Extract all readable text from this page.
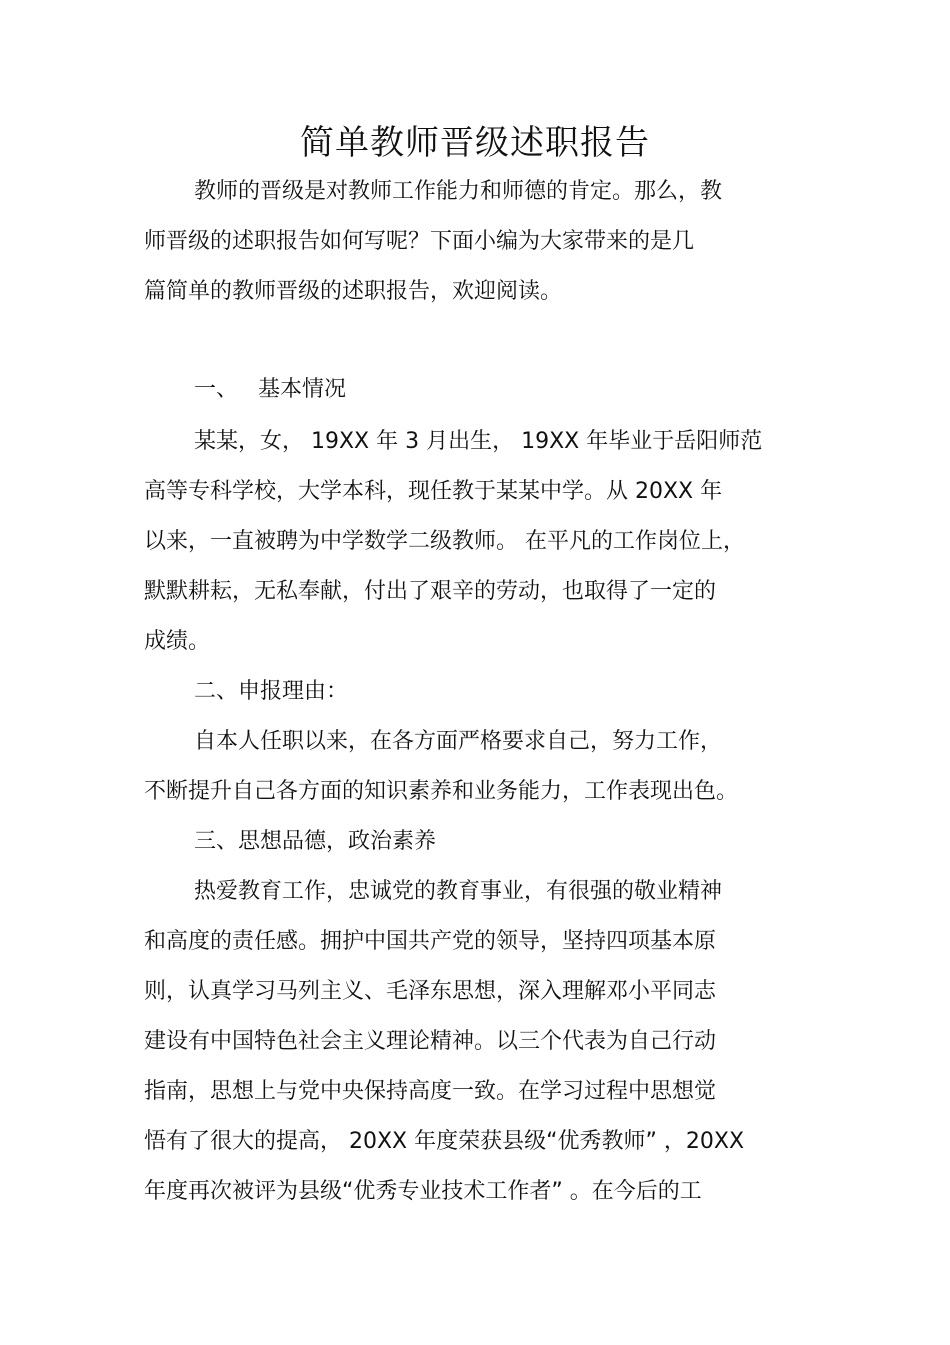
简单教师晋级述职报告
教师的晋级是对教师工作能力和师德的肯定。那么，教
师晋级的述职报告如何写呢？下面小编为大家带来的是几
篇简单的教师晋级的述职报告，欢迎阅读。
一、 基本情况
某某，女， 19XX 年 3 月出生， 19XX 年毕业于岳阳师范
高等专科学校，大学本科，现任教于某某中学。从 20XX 年
以来，一直被聘为中学数学二级教师。 在平凡的工作岗位上，
默默耕耘，无私奉献，付出了艰辛的劳动，也取得了一定的
成绩。
二、申报理由：
自本人任职以来，在各方面严格要求自己，努力工作，
不断提升自己各方面的知识素养和业务能力，工作表现出色。
三、思想品德，政治素养
热爱教育工作，忠诚党的教育事业，有很强的敬业精神
和高度的责任感。拥护中国共产党的领导，坚持四项基本原
则，认真学习马列主义、毛泽东思想，深入理解邓小平同志
建设有中国特色社会主义理论精神。以三个代表为自己行动
指南，思想上与党中央保持高度一致。在学习过程中思想觉
悟有了很大的提高， 20XX 年度荣获县级“优秀教师” ，20XX
年度再次被评为县级“优秀专业技术工作者” 。在今后的工
